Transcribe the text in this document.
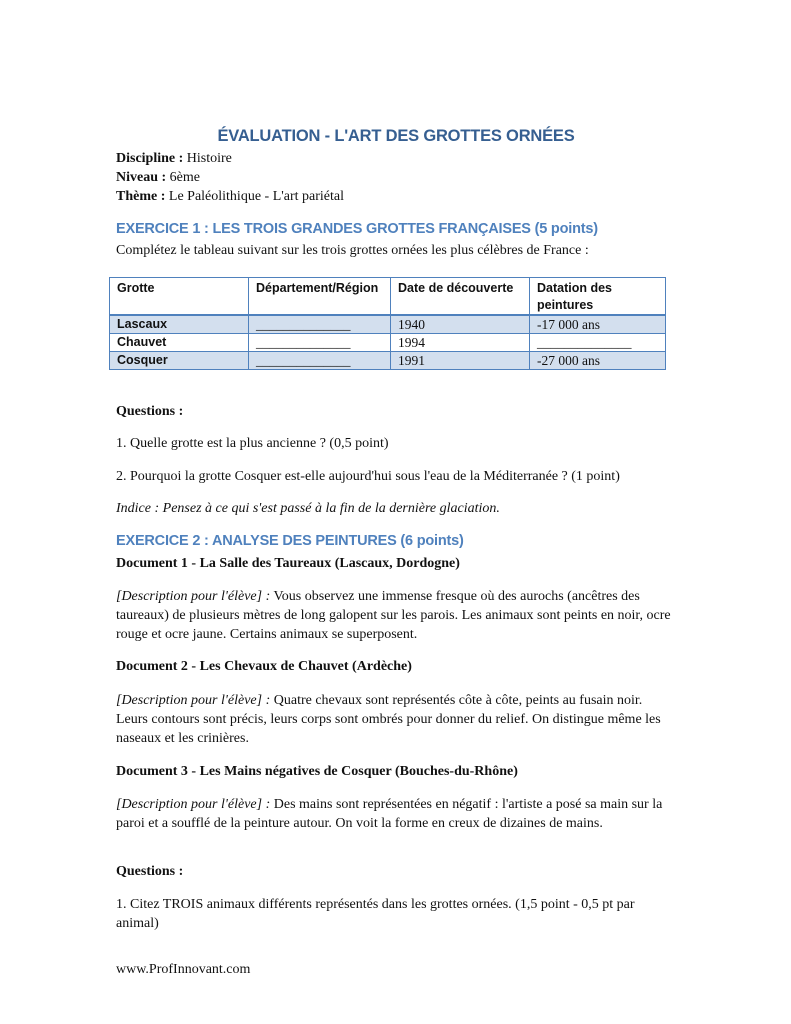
ÉVALUATION - L'ART DES GROTTES ORNÉES
Discipline : Histoire
Niveau : 6ème
Thème : Le Paléolithique - L'art pariétal
EXERCICE 1 : LES TROIS GRANDES GROTTES FRANÇAISES (5 points)
Complétez le tableau suivant sur les trois grottes ornées les plus célèbres de France :
Grotte	Département/Région	Date de découverte	Datation des peintures
Lascaux	______________	1940	-17 000 ans
Chauvet	______________	1994	______________
Cosquer	______________	1991	-27 000 ans
Questions :
1. Quelle grotte est la plus ancienne ? (0,5 point)
2. Pourquoi la grotte Cosquer est-elle aujourd'hui sous l'eau de la Méditerranée ? (1 point)
Indice : Pensez à ce qui s'est passé à la fin de la dernière glaciation.
EXERCICE 2 : ANALYSE DES PEINTURES (6 points)
Document 1 - La Salle des Taureaux (Lascaux, Dordogne)
[Description pour l'élève] : Vous observez une immense fresque où des aurochs (ancêtres des taureaux) de plusieurs mètres de long galopent sur les parois. Les animaux sont peints en noir, ocre rouge et ocre jaune. Certains animaux se superposent.
Document 2 - Les Chevaux de Chauvet (Ardèche)
[Description pour l'élève] : Quatre chevaux sont représentés côte à côte, peints au fusain noir. Leurs contours sont précis, leurs corps sont ombrés pour donner du relief. On distingue même les naseaux et les crinières.
Document 3 - Les Mains négatives de Cosquer (Bouches-du-Rhône)
[Description pour l'élève] : Des mains sont représentées en négatif : l'artiste a posé sa main sur la paroi et a soufflé de la peinture autour. On voit la forme en creux de dizaines de mains.
Questions :
1. Citez TROIS animaux différents représentés dans les grottes ornées. (1,5 point - 0,5 pt par animal)
www.ProfInnovant.com
